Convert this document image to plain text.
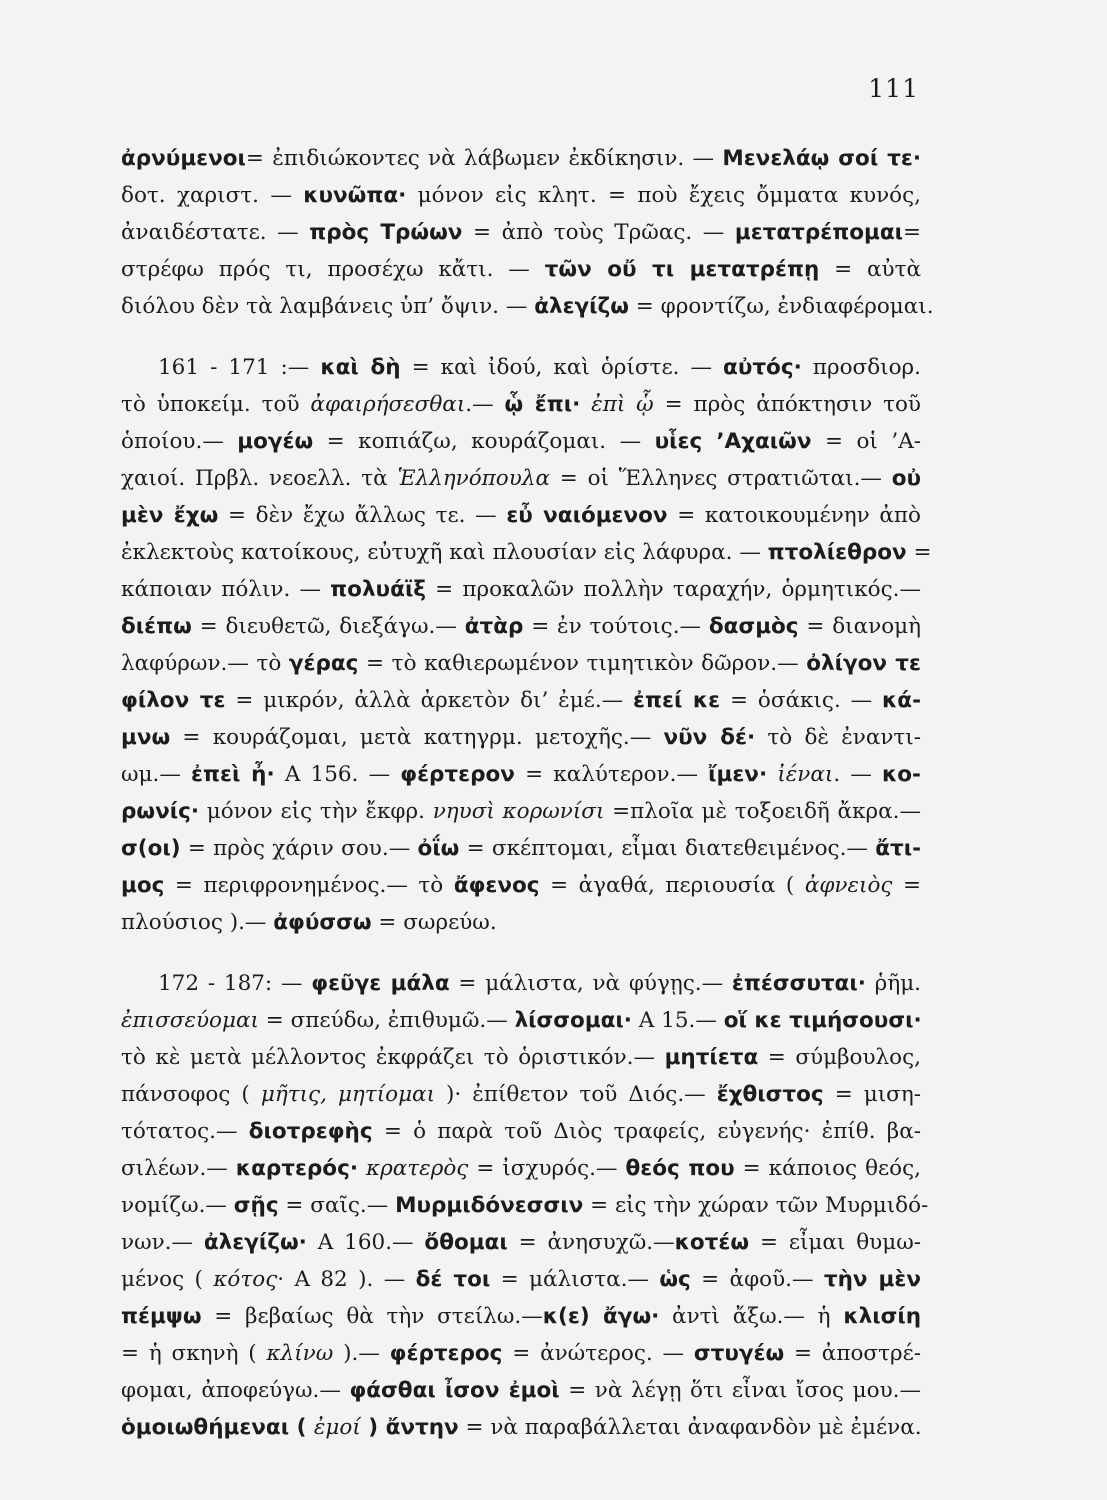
111
ἀρνύμενοι= ἐπιδιώκοντες νὰ λάβωμεν ἐκδίκησιν. — Μενελάῳ σοί τε·
δοτ. χαριστ. — κυνῶπα· μόνον εἰς κλητ. = ποὺ ἔχεις ὄμματα κυνός,
ἀναιδέστατε. — πρὸς Τρώων = ἀπὸ τοὺς Τρῶας. — μετατρέπομαι=
στρέφω πρός τι, προσέχω κἄτι. — τῶν οὔ τι μετατρέπῃ = αὐτὰ
διόλου δὲν τὰ λαμβάνεις ὑπ’ ὄψιν. — ἀλεγίζω = φροντίζω, ἐνδιαφέρομαι.
161 - 171 :— καὶ δὴ = καὶ ἰδού, καὶ ὁρίστε. — αὐτός· προσδιορ.
τὸ ὑποκείμ. τοῦ ἀφαιρήσεσθαι.— ᾧ ἔπι· ἐπὶ ᾧ = πρὸς ἀπόκτησιν τοῦ
ὁποίου.— μογέω = κοπιάζω, κουράζομαι. — υἷες ’Αχαιῶν = οἱ ’Α-
χαιοί. Πρβλ. νεοελλ. τὰ Ἑλληνόπουλα = οἱ Ἕλληνες στρατιῶται.— οὐ
μὲν ἔχω = δὲν ἔχω ἄλλως τε. — εὖ ναιόμενον = κατοικουμένην ἀπὸ
ἐκλεκτοὺς κατοίκους, εὐτυχῆ καὶ πλουσίαν εἰς λάφυρα. — πτολίεθρον =
κάποιαν πόλιν. — πολυάϊξ = προκαλῶν πολλὴν ταραχήν, ὁρμητικός.—
διέπω = διευθετῶ, διεξάγω.— ἀτὰρ = ἐν τούτοις.— δασμὸς = διανομὴ
λαφύρων.— τὸ γέρας = τὸ καθιερωμένον τιμητικὸν δῶρον.— ὀλίγον τε
φίλον τε = μικρόν, ἀλλὰ ἀρκετὸν δι’ ἐμέ.— ἐπεί κε = ὁσάκις. — κά-
μνω = κουράζομαι, μετὰ κατηγρμ. μετοχῆς.— νῦν δέ· τὸ δὲ ἐναντι-
ωμ.— ἐπεὶ ἦ· Α 156. — φέρτερον = καλύτερον.— ἴμεν· ἰέναι. — κο-
ρωνίς· μόνον εἰς τὴν ἔκφρ. νηυσὶ κορωνίσι =πλοῖα μὲ τοξοειδῆ ἄκρα.—
σ(οι) = πρὸς χάριν σου.— ὀΐω = σκέπτομαι, εἶμαι διατεθειμένος.— ἄτι-
μος = περιφρονημένος.— τὸ ἄφενος = ἀγαθά, περιουσία ( ἀφνειὸς =
πλούσιος ).— ἀφύσσω = σωρεύω.
172 - 187: — φεῦγε μάλα = μάλιστα, νὰ φύγῃς.— ἐπέσσυται· ῥῆμ.
ἐπισσεύομαι = σπεύδω, ἐπιθυμῶ.— λίσσομαι· Α 15.— οἵ κε τιμήσουσι·
τὸ κὲ μετὰ μέλλοντος ἐκφράζει τὸ ὁριστικόν.— μητίετα = σύμβουλος,
πάνσοφος ( μῆτις, μητίομαι )· ἐπίθετον τοῦ Διός.— ἔχθιστος = μιση-
τότατος.— διοτρεφὴς = ὁ παρὰ τοῦ Διὸς τραφείς, εὐγενής· ἐπίθ. βα-
σιλέων.— καρτερός· κρατερὸς = ἰσχυρός.— θεός που = κάποιος θεός,
νομίζω.— σῇς = σαῖς.— Μυρμιδόνεσσιν = εἰς τὴν χώραν τῶν Μυρμιδό-
νων.— ἀλεγίζω· Α 160.— ὄθομαι = ἀνησυχῶ.—κοτέω = εἶμαι θυμω-
μένος ( κότος· Α 82 ). — δέ τοι = μάλιστα.— ὡς = ἀφοῦ.— τὴν μὲν
πέμψω = βεβαίως θὰ τὴν στείλω.—κ(ε) ἄγω· ἀντὶ ἄξω.— ἡ κλισίη
= ἡ σκηνὴ ( κλίνω ).— φέρτερος = ἀνώτερος. — στυγέω = ἀποστρέ-
φομαι, ἀποφεύγω.— φάσθαι ἶσον ἐμοὶ = νὰ λέγῃ ὅτι εἶναι ἴσος μου.—
ὁμοιωθήμεναι ( ἐμοί ) ἄντην = νὰ παραβάλλεται ἀναφανδὸν μὲ ἐμένα.
